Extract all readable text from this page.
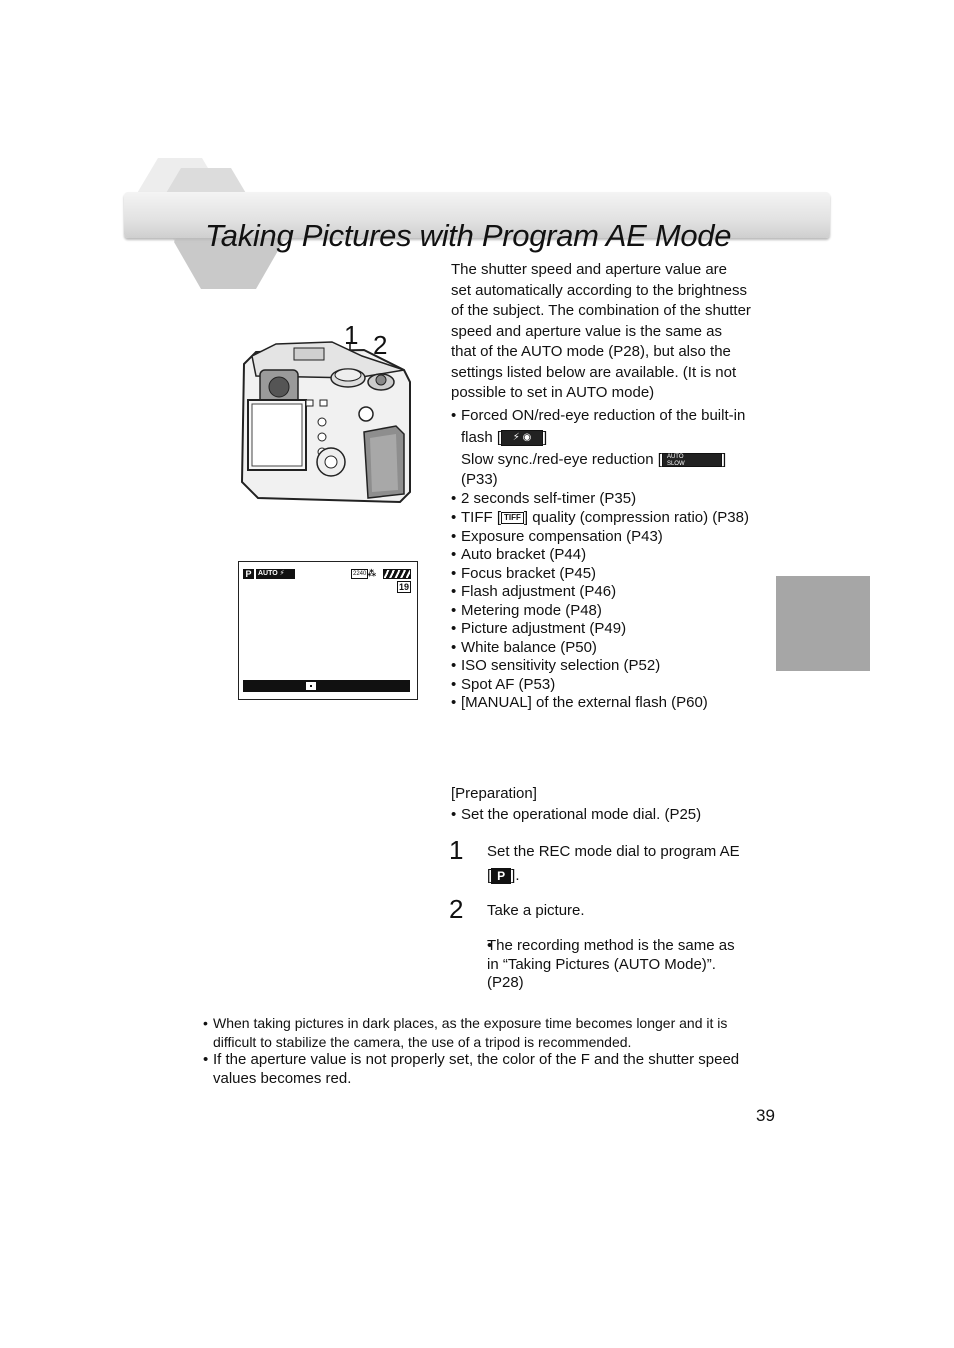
Taking Pictures with Program AE Mode
1 2
P AUTO ⚡	2240 ⁂
19

The shutter speed and aperture value are set automatically according to the brightness of the subject. The combination of the shutter speed and aperture value is the same as that of the AUTO mode (P28), but also the settings listed below are available. (It is not possible to set in AUTO mode)

• Forced ON/red-eye reduction of the built-in flash [ ⚡ ◉ ]
Slow sync./red-eye reduction [ AUTO
SLOW	]
(P33)
• 2 seconds self-timer (P35)
• TIFF [ TIFF ] quality (compression ratio) (P38)
• Exposure compensation (P43)
• Auto bracket (P44)
• Focus bracket (P45)
• Flash adjustment (P46)
• Metering mode (P48)
• Picture adjustment (P49)
• White balance (P50)
• ISO sensitivity selection (P52)
• Spot AF (P53)
• [MANUAL] of the external flash (P60)
[Preparation]
• Set the operational mode dial. (P25)
1 Set the REC mode dial to program AE [ P ].
2 Take a picture.
• The recording method is the same as in “Taking Pictures (AUTO Mode)”. (P28)
• When taking pictures in dark places, as the exposure time becomes longer and it is difficult to stabilize the camera, the use of a tripod is recommended.
• If the aperture value is not properly set, the color of the F and the shutter speed values becomes red.
39
